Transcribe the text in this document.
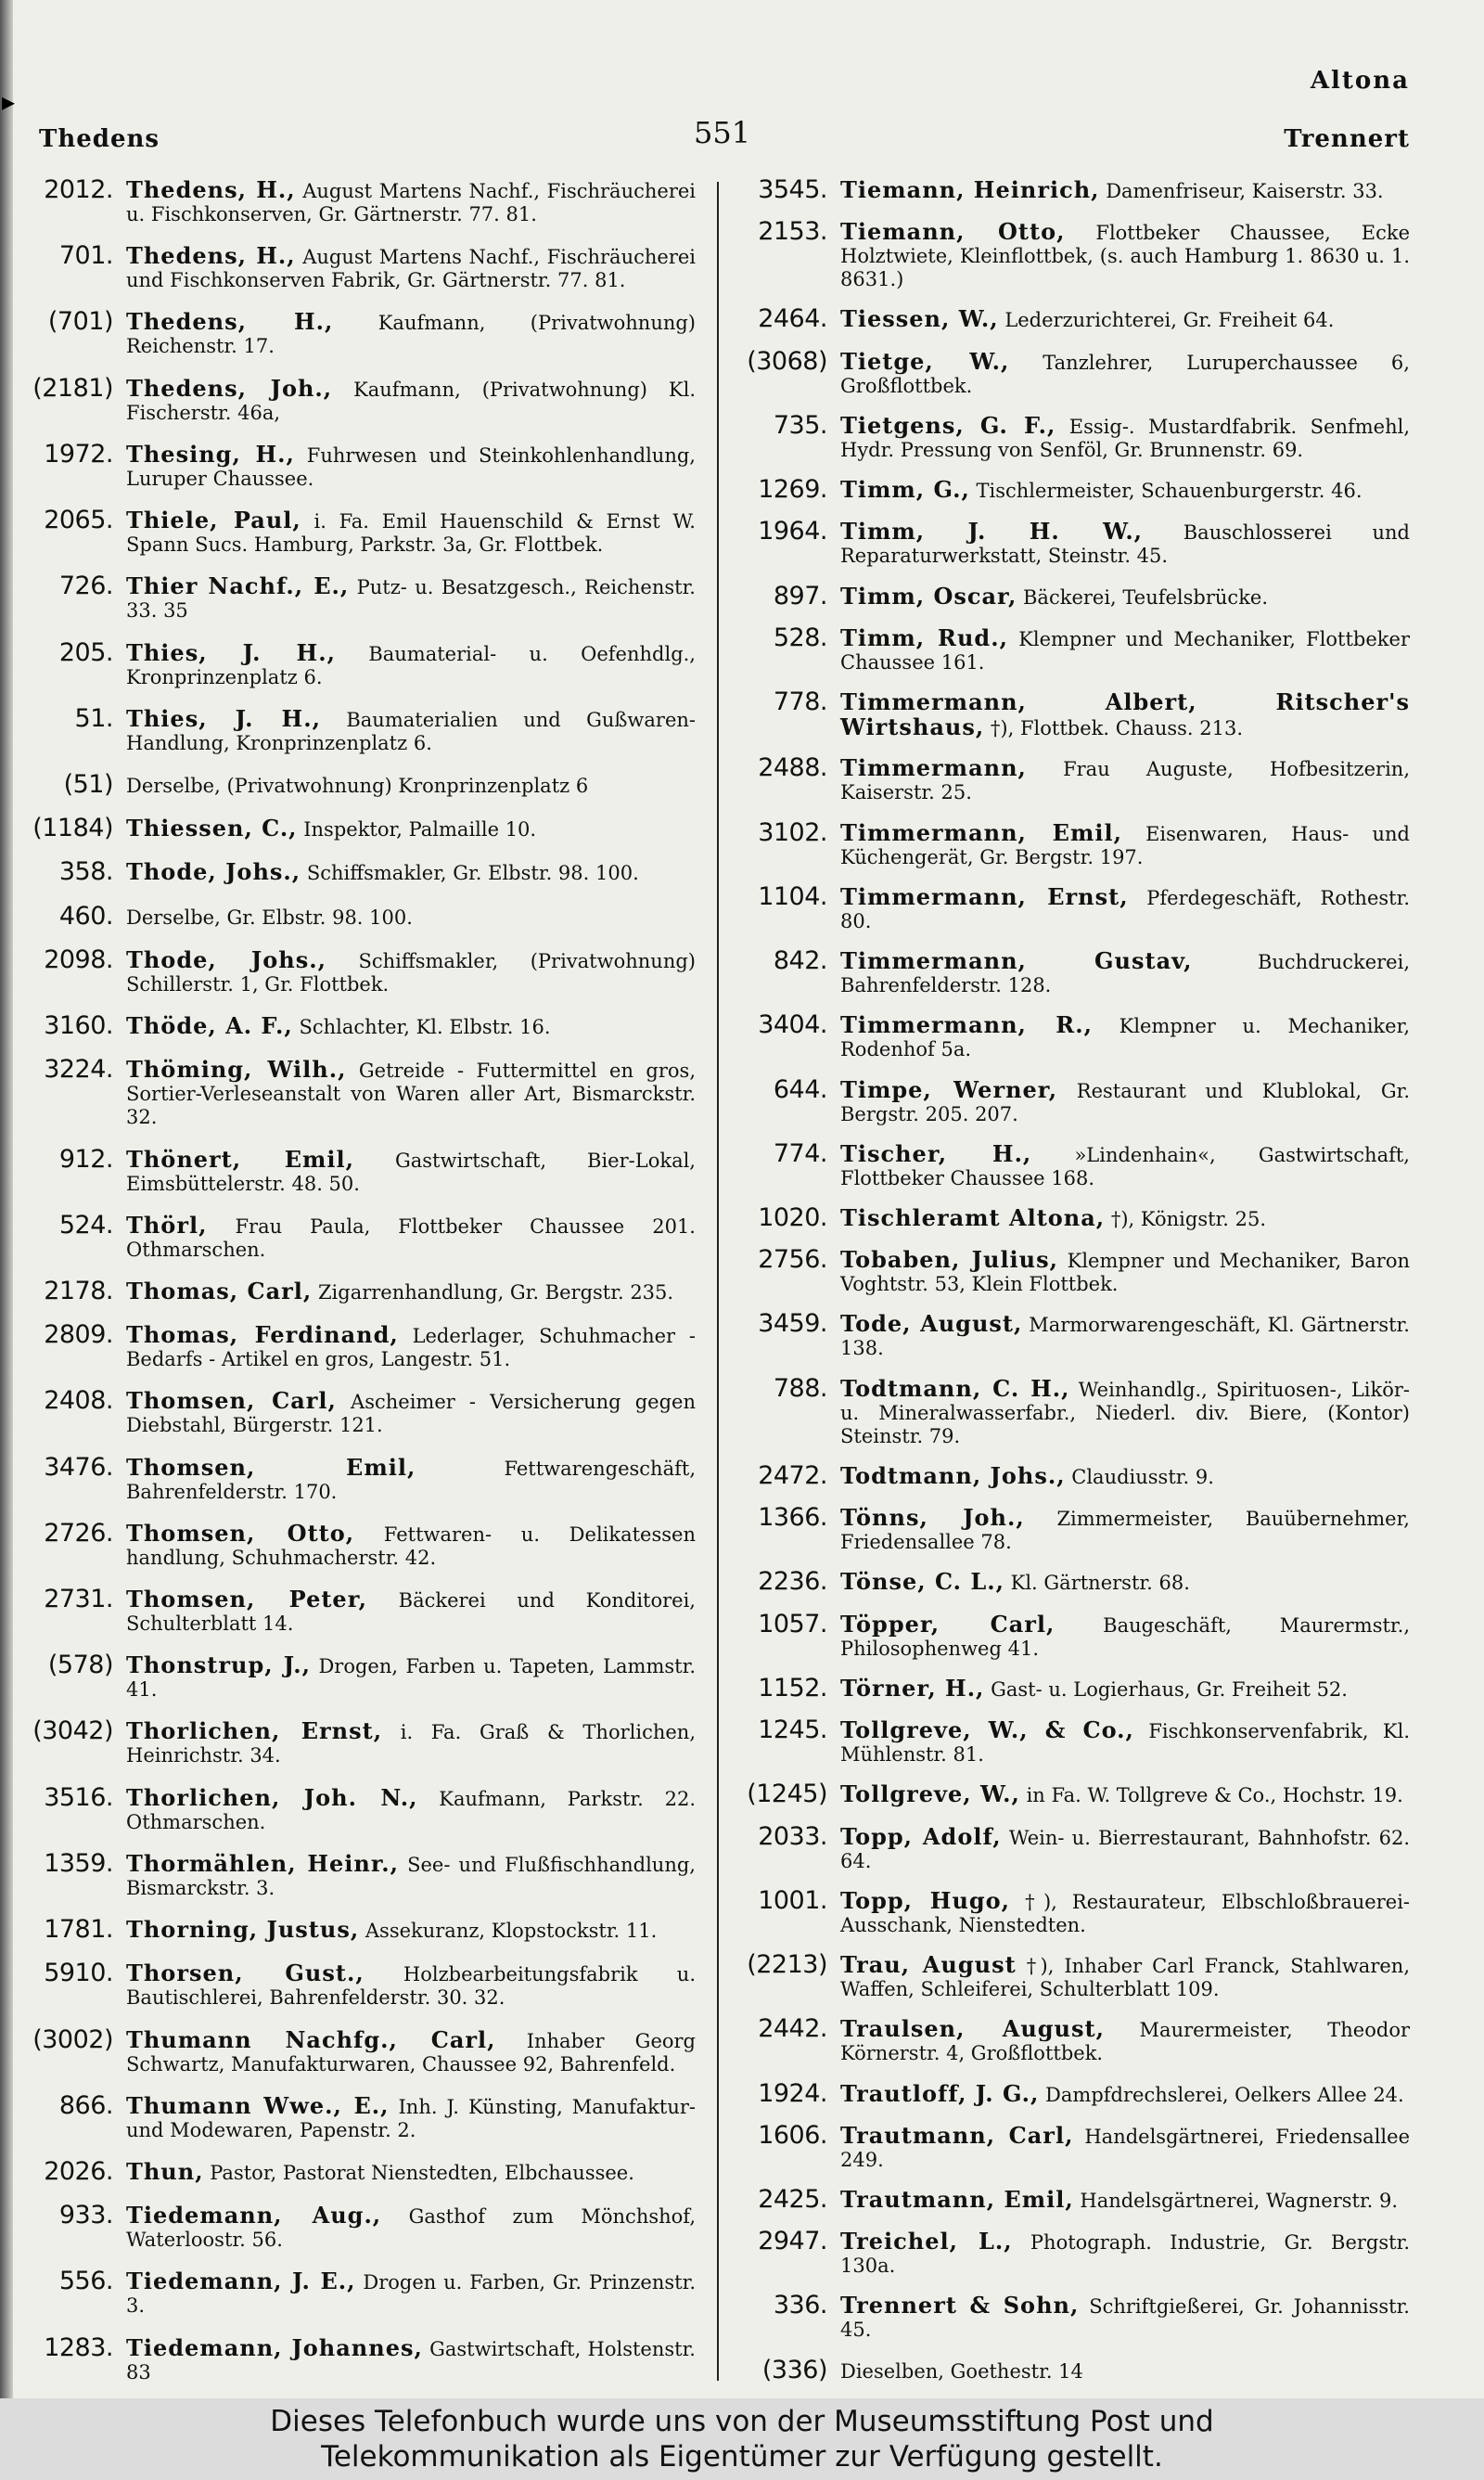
▸
Altona
Thedens	551	Trennert
2012. Thedens, H., August Martens Nachf., Fischräucherei u. Fischkonserven, Gr. Gärtnerstr. 77. 81.
701. Thedens, H., August Martens Nachf., Fischräucherei und Fischkonserven Fabrik, Gr. Gärtnerstr. 77. 81.
(701) Thedens, H., Kaufmann, (Privatwohnung) Reichenstr. 17.
(2181) Thedens, Joh., Kaufmann, (Privatwohnung) Kl. Fischerstr. 46a,
1972. Thesing, H., Fuhrwesen und Steinkohlenhandlung, Luruper Chaussee.
2065. Thiele, Paul, i. Fa. Emil Hauenschild & Ernst W. Spann Sucs. Hamburg, Parkstr. 3a, Gr. Flottbek.
726. Thier Nachf., E., Putz- u. Besatzgesch., Reichenstr. 33. 35
205. Thies, J. H., Baumaterial- u. Oefenhdlg., Kronprinzenplatz 6.
51. Thies, J. H., Baumaterialien und Gußwaren-Handlung, Kronprinzenplatz 6.
(51) Derselbe, (Privatwohnung) Kronprinzenplatz 6
(1184) Thiessen, C., Inspektor, Palmaille 10.
358. Thode, Johs., Schiffsmakler, Gr. Elbstr. 98. 100.
460. Derselbe, Gr. Elbstr. 98. 100.
2098. Thode, Johs., Schiffsmakler, (Privatwohnung) Schillerstr. 1, Gr. Flottbek.
3160. Thöde, A. F., Schlachter, Kl. Elbstr. 16.
3224. Thöming, Wilh., Getreide - Futtermittel en gros, Sortier-Verleseanstalt von Waren aller Art, Bismarckstr. 32.
912. Thönert, Emil, Gastwirtschaft, Bier-Lokal, Eimsbüttelerstr. 48. 50.
524. Thörl, Frau Paula, Flottbeker Chaussee 201. Othmarschen.
2178. Thomas, Carl, Zigarrenhandlung, Gr. Bergstr. 235.
2809. Thomas, Ferdinand, Lederlager, Schuhmacher - Bedarfs - Artikel en gros, Langestr. 51.
2408. Thomsen, Carl, Ascheimer - Versicherung gegen Diebstahl, Bürgerstr. 121.
3476. Thomsen, Emil,	Fettwarengeschäft, Bahrenfelderstr. 170.
2726. Thomsen, Otto, Fettwaren- u. Delikatessen handlung, Schuhmacherstr. 42.
2731. Thomsen, Peter, Bäckerei und Konditorei, Schulterblatt 14.
(578) Thonstrup, J., Drogen, Farben u. Tapeten, Lammstr. 41.
(3042) Thorlichen, Ernst, i. Fa. Graß & Thorlichen, Heinrichstr. 34.
3516. Thorlichen, Joh. N., Kaufmann, Parkstr. 22. Othmarschen.
1359. Thormählen, Heinr., See- und Flußfischhandlung, Bismarckstr. 3.
1781. Thorning, Justus, Assekuranz, Klopstockstr. 11.
5910. Thorsen, Gust., Holzbearbeitungsfabrik u. Bautischlerei, Bahrenfelderstr. 30. 32.
(3002) Thumann Nachfg., Carl, Inhaber Georg Schwartz, Manufakturwaren, Chaussee 92, Bahrenfeld.
866. Thumann Wwe., E., Inh. J. Künsting, Manufaktur- und Modewaren, Papenstr. 2.
2026. Thun, Pastor, Pastorat Nienstedten, Elbchaussee.
933. Tiedemann, Aug., Gasthof zum Mönchshof, Waterloostr. 56.
556. Tiedemann, J. E., Drogen u. Farben, Gr. Prinzenstr. 3.
1283. Tiedemann, Johannes, Gastwirtschaft, Holstenstr. 83
3545. Tiemann, Heinrich, Damenfriseur, Kaiserstr. 33.
2153. Tiemann, Otto, Flottbeker Chaussee, Ecke Holztwiete, Kleinflottbek, (s. auch Hamburg 1. 8630 u. 1. 8631.)
2464. Tiessen, W., Lederzurichterei, Gr. Freiheit 64.
(3068) Tietge, W., Tanzlehrer, Luruperchaussee 6, Großflottbek.
735. Tietgens, G. F., Essig-. Mustardfabrik. Senfmehl, Hydr. Pressung von Senföl, Gr. Brunnenstr. 69.
1269. Timm, G., Tischlermeister, Schauenburgerstr. 46.
1964. Timm, J. H. W., Bauschlosserei und Reparaturwerkstatt, Steinstr. 45.
897. Timm, Oscar, Bäckerei, Teufelsbrücke.
528. Timm, Rud., Klempner und Mechaniker, Flottbeker Chaussee 161.
778. Timmermann, Albert, Ritscher's Wirtshaus, †), Flottbek. Chauss. 213.
2488. Timmermann, Frau Auguste, Hofbesitzerin, Kaiserstr. 25.
3102. Timmermann, Emil, Eisenwaren, Haus- und Küchengerät, Gr. Bergstr. 197.
1104. Timmermann, Ernst, Pferdegeschäft, Rothestr. 80.
842. Timmermann, Gustav,	Buchdruckerei, Bahrenfelderstr. 128.
3404. Timmermann, R., Klempner u. Mechaniker, Rodenhof 5a.
644. Timpe, Werner, Restaurant und Klublokal, Gr. Bergstr. 205. 207.
774. Tischer, H., »Lindenhain«, Gastwirtschaft, Flottbeker Chaussee 168.
1020. Tischleramt Altona, †), Königstr. 25.
2756. Tobaben, Julius, Klempner und Mechaniker, Baron Voghtstr. 53, Klein Flottbek.
3459. Tode, August, Marmorwarengeschäft, Kl. Gärtnerstr. 138.
788. Todtmann, C. H., Weinhandlg., Spirituosen-, Likör- u. Mineralwasserfabr., Niederl. div. Biere, (Kontor) Steinstr. 79.
2472. Todtmann, Johs., Claudiusstr. 9.
1366. Tönns, Joh., Zimmermeister, Bauübernehmer, Friedensallee 78.
2236. Tönse, C. L., Kl. Gärtnerstr. 68.
1057. Töpper, Carl, Baugeschäft, Maurermstr., Philosophenweg 41.
1152. Törner, H., Gast- u. Logierhaus, Gr. Freiheit 52.
1245. Tollgreve, W., & Co., Fischkonservenfabrik, Kl. Mühlenstr. 81.
(1245) Tollgreve, W., in Fa. W. Tollgreve & Co., Hochstr. 19.
2033. Topp, Adolf, Wein- u. Bierrestaurant, Bahnhofstr. 62. 64.
1001. Topp, Hugo, †), Restaurateur, Elbschloßbrauerei-Ausschank, Nienstedten.
(2213) Trau, August †), Inhaber Carl Franck, Stahlwaren, Waffen, Schleiferei, Schulterblatt 109.
2442. Traulsen, August, Maurermeister, Theodor Körnerstr. 4, Großflottbek.
1924. Trautloff, J. G., Dampfdrechslerei, Oelkers Allee 24.
1606. Trautmann, Carl, Handelsgärtnerei, Friedensallee 249.
2425. Trautmann, Emil, Handelsgärtnerei, Wagnerstr. 9.
2947. Treichel, L., Photograph. Industrie, Gr. Bergstr. 130a.
336. Trennert & Sohn, Schriftgießerei, Gr. Johannisstr. 45.
(336) Dieselben, Goethestr. 14
Dieses Telefonbuch wurde uns von der Museumsstiftung Post und
Telekommunikation als Eigentümer zur Verfügung gestellt.
